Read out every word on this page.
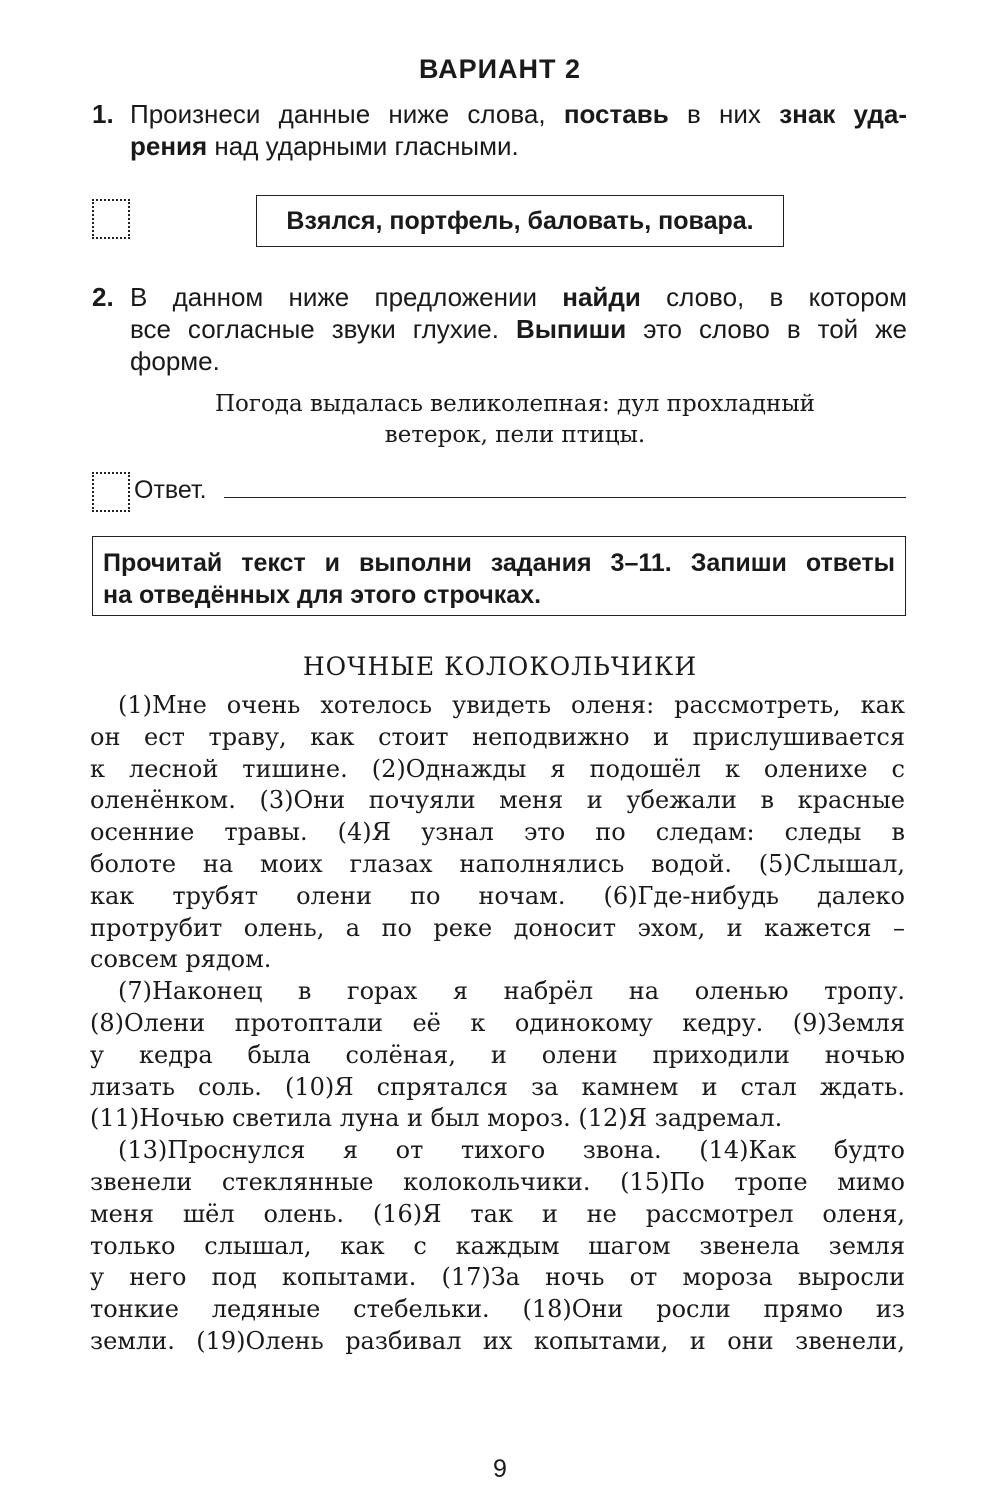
ВАРИАНТ 2
1. Произнеси данные ниже слова, поставь в них знак уда-
рения над ударными гласными.
Взялся, портфель, баловать, повара.
2. В данном ниже предложении найди слово, в котором
все согласные звуки глухие. Выпиши это слово в той же
форме.
Погода выдалась великолепная: дул прохладный
ветерок, пели птицы.
Ответ.
Прочитай текст и выполни задания 3–11. Запиши ответы
на отведённых для этого строчках.
НОЧНЫЕ КОЛОКОЛЬЧИКИ
(1)Мне очень хотелось увидеть оленя: рассмотреть, как
он ест траву, как стоит неподвижно и прислушивается
к лесной тишине. (2)Однажды я подошёл к оленихе с
оленёнком. (3)Они почуяли меня и убежали в красные
осенние травы. (4)Я узнал это по следам: следы в
болоте на моих глазах наполнялись водой. (5)Слышал,
как трубят олени по ночам. (6)Где-нибудь далеко
протрубит олень, а по реке доносит эхом, и кажется –
совсем рядом.
(7)Наконец в горах я набрёл на оленью тропу.
(8)Олени протоптали её к одинокому кедру. (9)Земля
у кедра была солёная, и олени приходили ночью
лизать соль. (10)Я спрятался за камнем и стал ждать.
(11)Ночью светила луна и был мороз. (12)Я задремал.
(13)Проснулся я от тихого звона. (14)Как будто
звенели стеклянные колокольчики. (15)По тропе мимо
меня шёл олень. (16)Я так и не рассмотрел оленя,
только слышал, как с каждым шагом звенела земля
у него под копытами. (17)За ночь от мороза выросли
тонкие ледяные стебельки. (18)Они росли прямо из
земли. (19)Олень разбивал их копытами, и они звенели,
9
